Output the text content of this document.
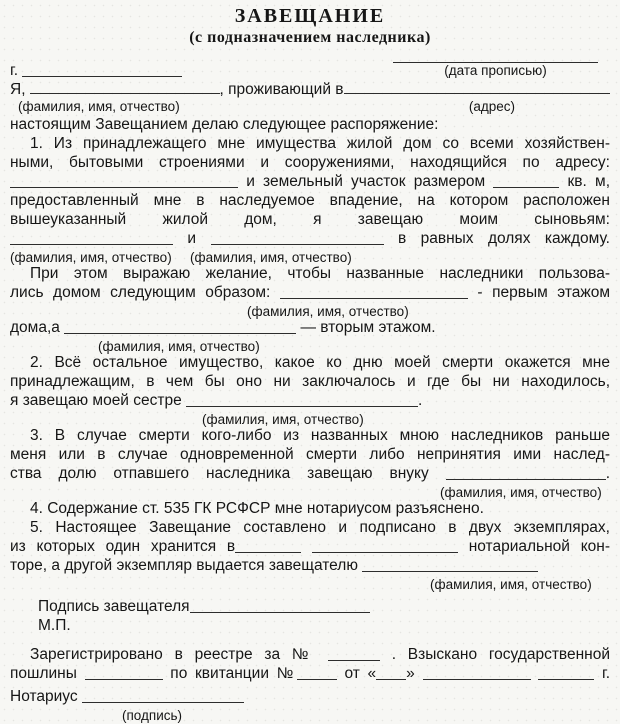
ЗАВЕЩАНИЕ
(с подназначением наследника)
г.	(дата прописью)
Я,	, проживающий в
(фамилия, имя, отчество)	(адрес)
настоящим Завещанием делаю следующее распоряжение:
1. Из принадлежащего мне имущества жилой дом со всеми хозяйствен-
ными, бытовыми строениями и сооружениями, находящийся по адресу:
и земельный участок размером	кв. м,
предоставленный мне в наследуемое впадение, на котором расположен
вышеуказанный жилой дом, я завещаю моим сыновьям:
и	в равных долях каждому.
(фамилия, имя, отчество) (фамилия, имя, отчество)
При этом выражаю желание, чтобы названные наследники пользова-
лись домом следующим образом:	- первым этажом
(фамилия, имя, отчество)
дома,а	— вторым этажом.
(фамилия, имя, отчество)
2. Всё остальное имущество, какое ко дню моей смерти окажется мне
принадлежащим, в чем бы оно ни заключалось и где бы ни находилось,
я завещаю моей сестре	.
(фамилия, имя, отчество)
3. В случае смерти кого-либо из названных мною наследников раньше
меня или в случае одновременной смерти либо непринятия ими наслед-
ства долю отпавшего наследника завещаю внуку	.
(фамилия, имя, отчество)
4. Содержание ст. 535 ГК РСФСР мне нотариусом разъяснено.
5. Настоящее Завещание составлено и подписано в двух экземплярах,
из которых один хранится в	нотариальной кон-
торе, а другой экземпляр выдается завещателю
(фамилия, имя, отчество)
Подпись завещателя
М.П.
Зарегистрировано в реестре за №	. Взыскано государственной
пошлины	по квитанции №	от « »	г.
Нотариус
(подпись)
